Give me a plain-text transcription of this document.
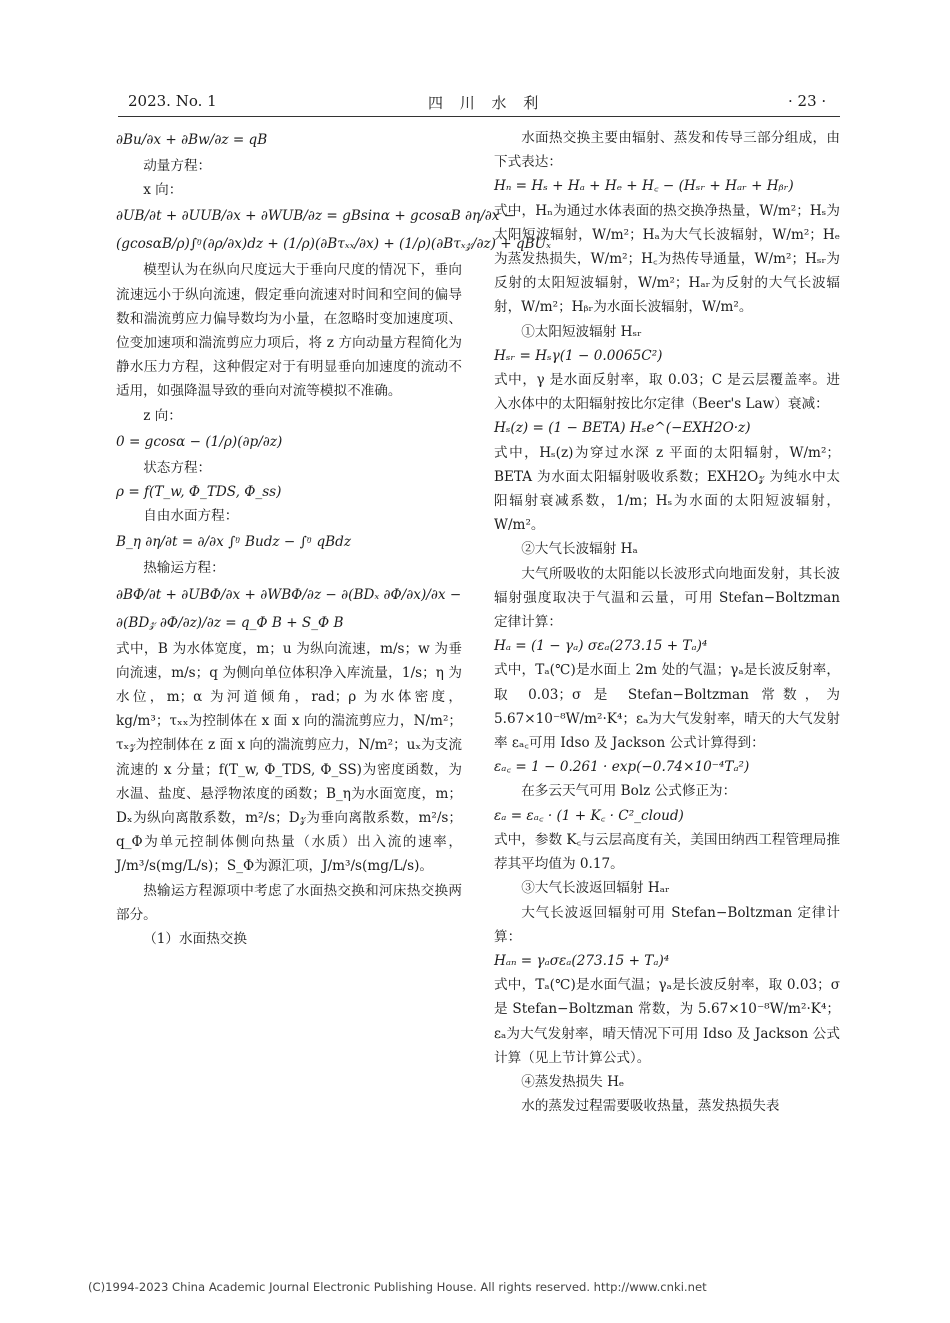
2023. No. 1	四 川 水 利	· 23 ·

∂Bu/∂x + ∂Bw/∂z = qB

动量方程：

x 向：

∂UB/∂t + ∂UUB/∂x + ∂WUB/∂z = gBsinα + gcosαB ∂η/∂x −

(gcosαB/ρ)∫ᵑ(∂ρ/∂x)dz + (1/ρ)(∂Bτₓₓ/∂x) + (1/ρ)(∂Bτₓ𝓏/∂z) + qBUₓ

模型认为在纵向尺度远大于垂向尺度的情况下，垂向流速远小于纵向流速，假定垂向流速对时间和空间的偏导数和湍流剪应力偏导数均为小量，在忽略时变加速度项、位变加速项和湍流剪应力项后，将 z 方向动量方程简化为静水压力方程，这种假定对于有明显垂向加速度的流动不适用，如强降温导致的垂向对流等模拟不准确。

z 向：

0 = gcosα − (1/ρ)(∂p/∂z)

状态方程：

ρ = f(T_w, Φ_TDS, Φ_ss)

自由水面方程：

B_η ∂η/∂t = ∂/∂x ∫ᵑ Budz − ∫ᵑ qBdz

热输运方程：

∂BΦ/∂t + ∂UBΦ/∂x + ∂WBΦ/∂z − ∂(BDₓ ∂Φ/∂x)/∂x −

∂(BD𝓏 ∂Φ/∂z)/∂z = q_Φ B + S_Φ B

式中，B 为水体宽度，m；u 为纵向流速，m/s；w 为垂向流速，m/s；q 为侧向单位体积净入库流量，1/s；η 为水位，m；α 为河道倾角，rad；ρ 为水体密度，kg/m³；τₓₓ为控制体在 x 面 x 向的湍流剪应力，N/m²；τₓ𝓏为控制体在 z 面 x 向的湍流剪应力，N/m²；uₓ为支流流速的 x 分量；f(T_w, Φ_TDS, Φ_SS)为密度函数，为水温、盐度、悬浮物浓度的函数；B_η为水面宽度，m；Dₓ为纵向离散系数，m²/s；D𝓏为垂向离散系数，m²/s；q_Φ为单元控制体侧向热量（水质）出入流的速率，J/m³/s(mg/L/s)；S_Φ为源汇项，J/m³/s(mg/L/s)。

热输运方程源项中考虑了水面热交换和河床热交换两部分。

（1）水面热交换

水面热交换主要由辐射、蒸发和传导三部分组成，由下式表达：

Hₙ = Hₛ + Hₐ + Hₑ + H꜀ − (Hₛᵣ + Hₐᵣ + Hᵦᵣ)

式中，Hₙ为通过水体表面的热交换净热量，W/m²；Hₛ为太阳短波辐射，W/m²；Hₐ为大气长波辐射，W/m²；Hₑ为蒸发热损失，W/m²；H꜀为热传导通量，W/m²；Hₛᵣ为反射的太阳短波辐射，W/m²；Hₐᵣ为反射的大气长波辐射，W/m²；Hᵦᵣ为水面长波辐射，W/m²。

①太阳短波辐射 Hₛᵣ

Hₛᵣ = Hₛγ(1 − 0.0065C²)

式中，γ 是水面反射率，取 0.03；C 是云层覆盖率。进入水体中的太阳辐射按比尔定律（Beer's Law）衰减：

Hₛ(z) = (1 − BETA) Hₛe^(−EXH2O·z)

式中，Hₛ(z)为穿过水深 z 平面的太阳辐射，W/m²；BETA 为水面太阳辐射吸收系数；EXH2O𝓏 为纯水中太阳辐射衰减系数，1/m；Hₛ为水面的太阳短波辐射，W/m²。

②大气长波辐射 Hₐ

大气所吸收的太阳能以长波形式向地面发射，其长波辐射强度取决于气温和云量，可用 Stefan−Boltzman 定律计算：

Hₐ = (1 − γₐ) σεₐ(273.15 + Tₐ)⁴

式中，Tₐ(℃)是水面上 2m 处的气温；γₐ是长波反射率，取 0.03；σ 是 Stefan−Boltzman 常数，为 5.67×10⁻⁸W/m²·K⁴；εₐ为大气发射率，晴天的大气发射率 εₐ꜀可用 Idso 及 Jackson 公式计算得到：

εₐ꜀ = 1 − 0.261 · exp(−0.74×10⁻⁴Tₐ²)

在多云天气可用 Bolz 公式修正为：

εₐ = εₐ꜀ · (1 + K꜀ · C²_cloud)

式中，参数 K꜀与云层高度有关，美国田纳西工程管理局推荐其平均值为 0.17。

③大气长波返回辐射 Hₐᵣ

大气长波返回辐射可用 Stefan−Boltzman 定律计算：

Hₐₙ = γₐσεₐ(273.15 + Tₐ)⁴

式中，Tₐ(℃)是水面气温；γₐ是长波反射率，取 0.03；σ 是 Stefan−Boltzman 常数，为 5.67×10⁻⁸W/m²·K⁴；εₐ为大气发射率，晴天情况下可用 Idso 及 Jackson 公式计算（见上节计算公式）。

④蒸发热损失 Hₑ

水的蒸发过程需要吸收热量，蒸发热损失表

(C)1994-2023 China Academic Journal Electronic Publishing House. All rights reserved. http://www.cnki.net
